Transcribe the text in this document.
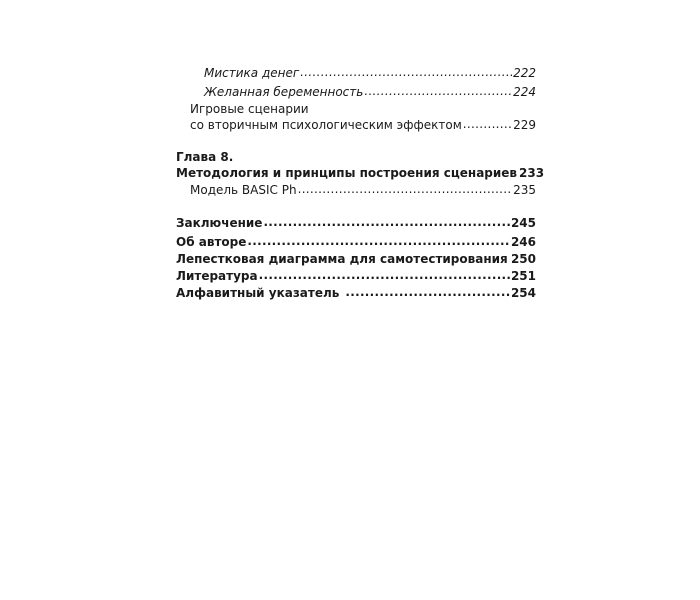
Мистика денег .....	222
Желанная беременность .....	224
Игровые сценарии
со вторичным психологическим эффектом .....	229
Глава 8.
Методология и принципы построения сценариев 233
Модель BASIC Ph .....	235
Заключение .....	245
Об авторе .....	246
Лепестковая диаграмма для самотестирования ..... 250
Литература .....	251
Алфавитный указатель .....	254
